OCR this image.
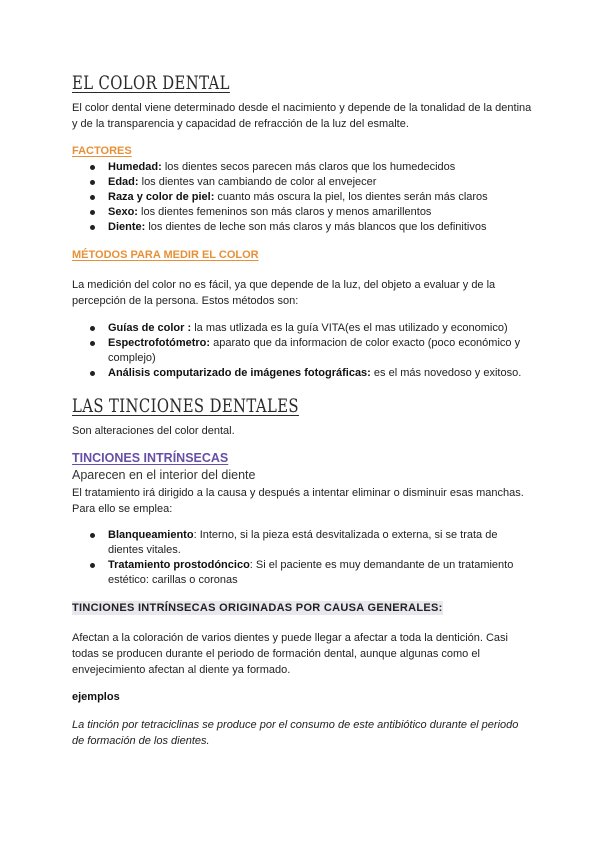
EL COLOR DENTAL
El color dental viene determinado desde el nacimiento y depende de la tonalidad de la dentina y de la transparencia y capacidad de refracción de la luz del esmalte.
FACTORES
Humedad: los dientes secos parecen más claros que los humedecidos
Edad: los dientes van cambiando de color al envejecer
Raza y color de piel: cuanto más oscura la piel, los dientes serán más claros
Sexo: los dientes femeninos son más claros y menos amarillentos
Diente: los dientes de leche son más claros y más blancos que los definitivos
MÉTODOS PARA MEDIR EL COLOR
La medición del color no es fácil, ya que depende de la luz, del objeto a evaluar y de la percepción de la persona. Estos métodos son:
Guías de color : la mas utlizada es la guía VITA(es el mas utilizado y economico)
Espectrofotómetro: aparato que da informacion de color exacto (poco económico y complejo)
Análisis computarizado de imágenes fotográficas: es el más novedoso y exitoso.
LAS TINCIONES DENTALES
Son alteraciones del color dental.
TINCIONES INTRÍNSECAS
Aparecen en el interior del diente
El tratamiento irá dirigido a la causa y después a intentar eliminar o disminuir esas manchas. Para ello se emplea:
Blanqueamiento: Interno, si la pieza está desvitalizada o externa, si se trata de dientes vitales.
Tratamiento prostodóncico: Si el paciente es muy demandante de un tratamiento estético: carillas o coronas
TINCIONES INTRÍNSECAS ORIGINADAS POR CAUSA GENERALES:
Afectan a la coloración de varios dientes y puede llegar a afectar a toda la dentición. Casi todas se producen durante el periodo de formación dental, aunque algunas como el envejecimiento afectan al diente ya formado.
ejemplos
La tinción por tetraciclinas se produce por el consumo de este antibiótico durante el periodo de formación de los dientes.
